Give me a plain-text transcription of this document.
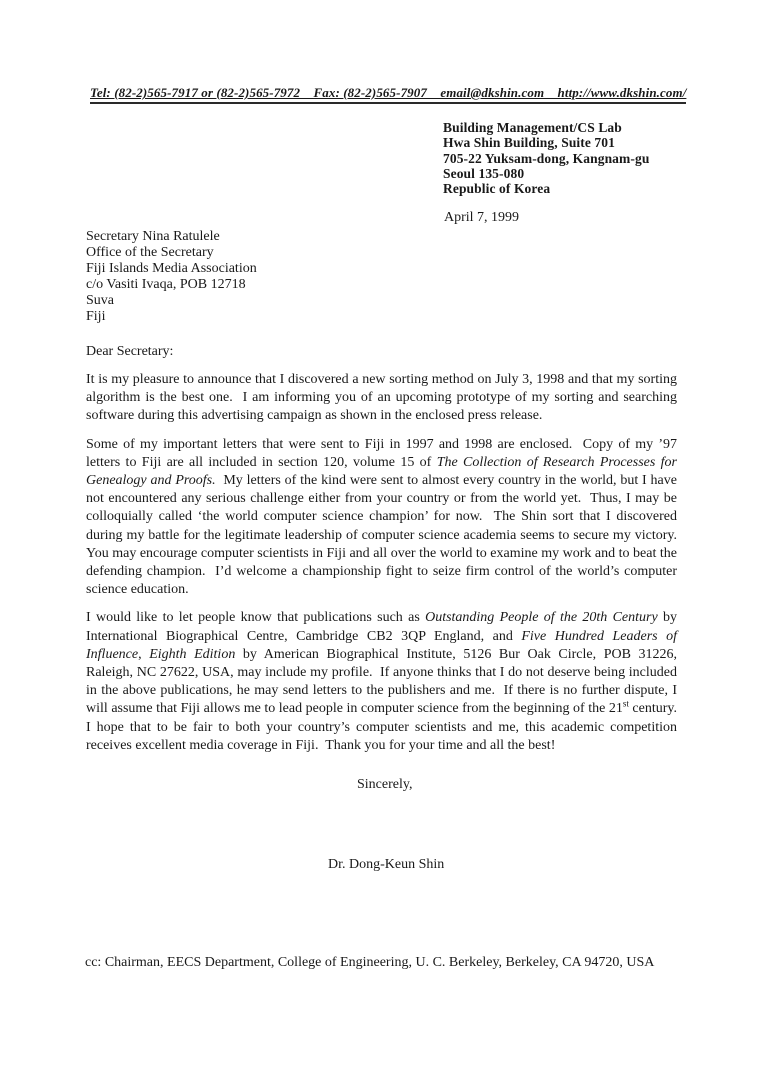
Tel: (82-2)565-7917 or (82-2)565-7972    Fax: (82-2)565-7907    email@dkshin.com    http://www.dkshin.com/
Building Management/CS Lab
Hwa Shin Building, Suite 701
705-22 Yuksam-dong, Kangnam-gu
Seoul 135-080
Republic of Korea
April 7, 1999
Secretary Nina Ratulele
Office of the Secretary
Fiji Islands Media Association
c/o Vasiti Ivaqa, POB 12718
Suva
Fiji
Dear Secretary:

It is my pleasure to announce that I discovered a new sorting method on July 3, 1998 and that my sorting algorithm is the best one.  I am informing you of an upcoming prototype of my sorting and searching software during this advertising campaign as shown in the enclosed press release.

Some of my important letters that were sent to Fiji in 1997 and 1998 are enclosed.  Copy of my ’97 letters to Fiji are all included in section 120, volume 15 of The Collection of Research Processes for Genealogy and Proofs.  My letters of the kind were sent to almost every country in the world, but I have not encountered any serious challenge either from your country or from the world yet.  Thus, I may be colloquially called ‘the world computer science champion’ for now.  The Shin sort that I discovered during my battle for the legitimate leadership of computer science academia seems to secure my victory.  You may encourage computer scientists in Fiji and all over the world to examine my work and to beat the defending champion.  I’d welcome a championship fight to seize firm control of the world’s computer science education.

I would like to let people know that publications such as Outstanding People of the 20th Century by International Biographical Centre, Cambridge CB2 3QP England, and Five Hundred Leaders of Influence, Eighth Edition by American Biographical Institute, 5126 Bur Oak Circle, POB 31226, Raleigh, NC 27622, USA, may include my profile.  If anyone thinks that I do not deserve being included in the above publications, he may send letters to the publishers and me.  If there is no further dispute, I will assume that Fiji allows me to lead people in computer science from the beginning of the 21st century.  I hope that to be fair to both your country’s computer scientists and me, this academic competition receives excellent media coverage in Fiji.  Thank you for your time and all the best!

Sincerely,
Dr. Dong-Keun Shin
cc: Chairman, EECS Department, College of Engineering, U. C. Berkeley, Berkeley, CA 94720, USA
